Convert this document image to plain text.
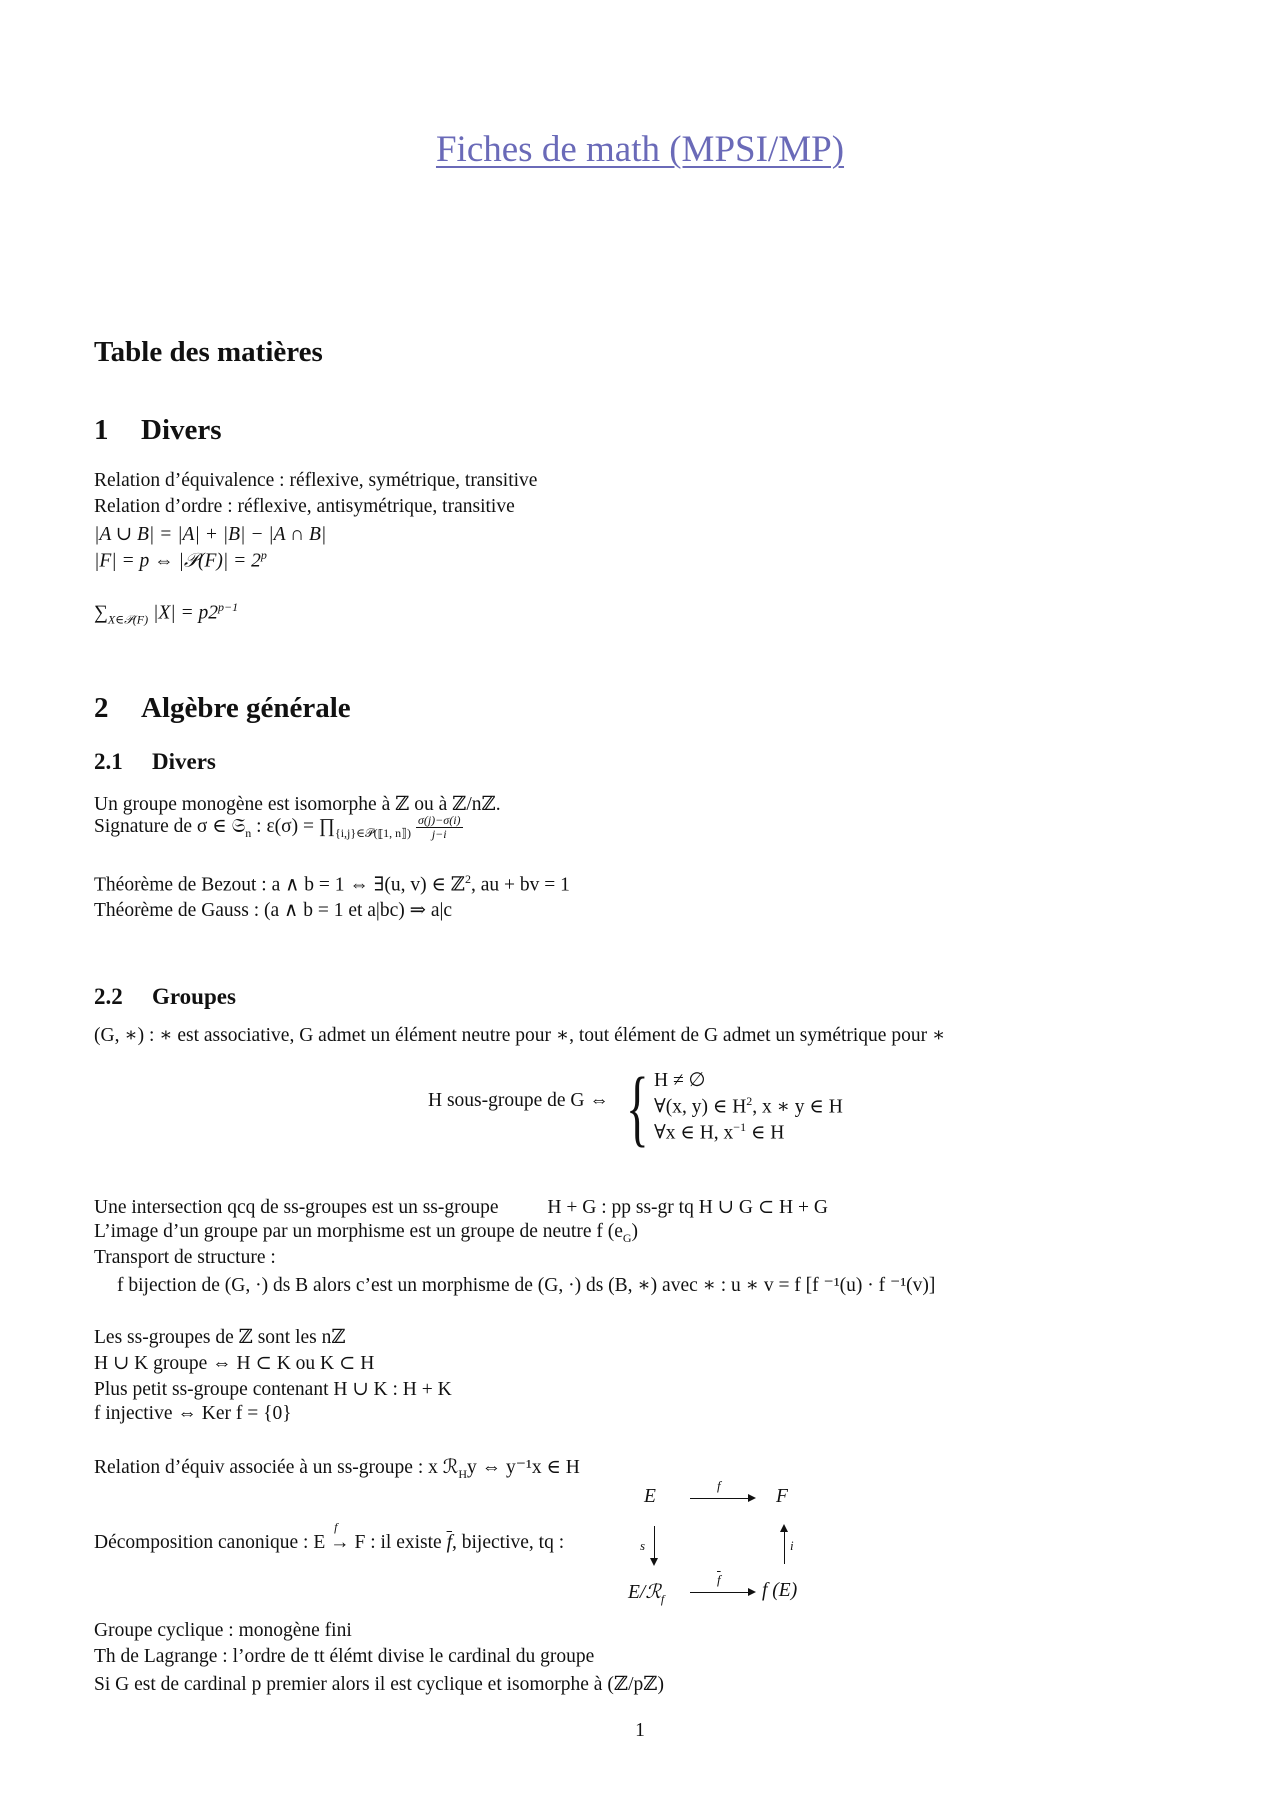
Fiches de math (MPSI/MP)
Table des matières
1 Divers
Relation d’équivalence : réflexive, symétrique, transitive
Relation d’ordre : réflexive, antisymétrique, transitive
|A ∪ B| = |A| + |B| − |A ∩ B|
|F| = p ⇔ |𝒫(F)| = $2^p$
$\sum_{X\in 𝒫(F)}$ $|X| = p2^{p-1}$
2 Algèbre générale
2.1 Divers
Un groupe monogène est isomorphe à ℤ ou à ℤ/nℤ.
Signature de σ ∈ 𝔖$_n$ : $\varepsilon(\sigma) = \prod_{\{i,j\}\in 𝒫(⟦1, n⟧)} \frac{\sigma(j)-\sigma(i)}{j-i}$
Théorème de Bezout : a ∧ b = 1 ⇔ ∃(u, v) ∈ ℤ$^2$, au + bv = 1
Théorème de Gauss : (a ∧ b = 1 et a|bc) ⇒ a|c
2.2 Groupes
(G, ∗) : ∗ est associative, G admet un élément neutre pour ∗, tout élément de G admet un symétrique pour ∗
H sous-groupe de G ⇔ { H ≠ ∅
∀(x, y) ∈ $H^2$, x ∗ y ∈ H
∀x ∈ H, $x^{-1}$ ∈ H
Une intersection qcq de ss-groupes est un ss-groupe	H + G : pp ss-gr tq H ∪ G ⊂ H + G
L’image d’un groupe par un morphisme est un groupe de neutre f $(e_G)$
Transport de structure :
f bijection de (G, ·) ds B alors c’est un morphisme de (G, ·) ds (B, ∗) avec ∗ : u ∗ v = f [f ⁻¹(u) · f ⁻¹(v)]
Les ss-groupes de ℤ sont les nℤ
H ∪ K groupe ⇔ H ⊂ K ou K ⊂ H
Plus petit ss-groupe contenant H ∪ K : H + K
f injective ⇔ Ker f = {0}
Relation d’équiv associée à un ss-groupe : x ℛ$_H$y ⇔ y⁻¹x ∈ H
Décomposition canonique : E
f
→ F : il existe $\overline{f}$, bijective, tq :
E	F
E/ℛ$_f$	f (E)
f
$\overline{f}$
s	i
Groupe cyclique : monogène fini
Th de Lagrange : l’ordre de tt élémt divise le cardinal du groupe
Si G est de cardinal p premier alors il est cyclique et isomorphe à (ℤ/pℤ)
1
